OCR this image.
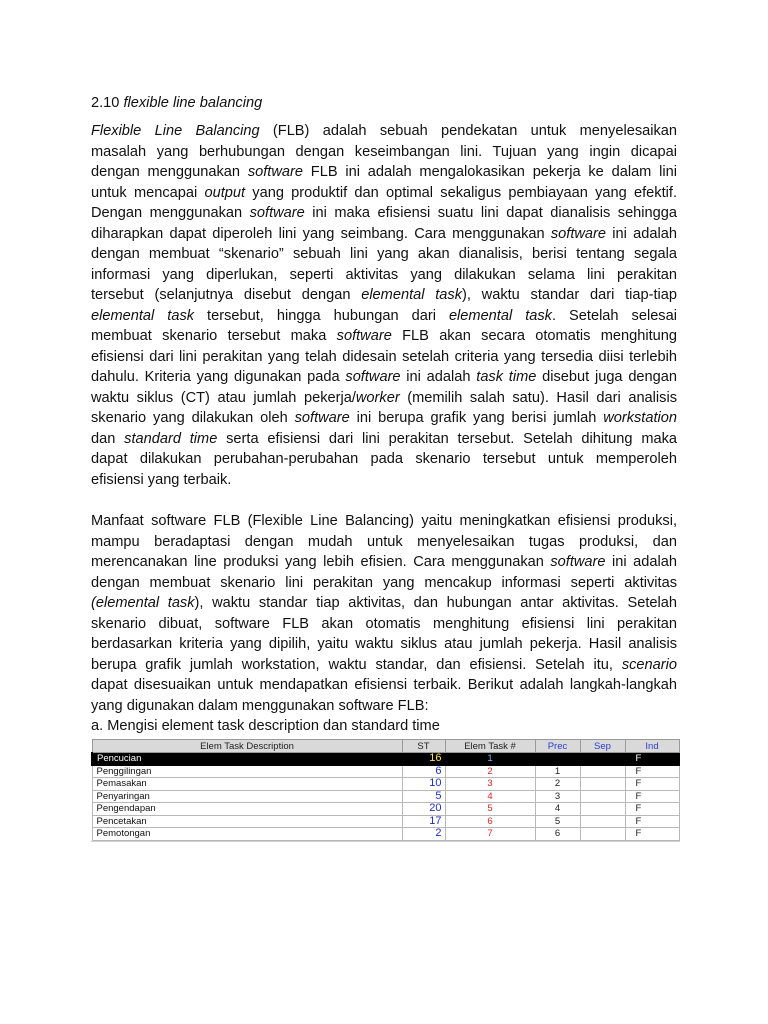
2.10 flexible line balancing
Flexible Line Balancing (FLB) adalah sebuah pendekatan untuk menyelesaikan
masalah yang berhubungan dengan keseimbangan lini. Tujuan yang ingin dicapai
dengan menggunakan software FLB ini adalah mengalokasikan pekerja ke dalam lini
untuk mencapai output yang produktif dan optimal sekaligus pembiayaan yang efektif.
Dengan menggunakan software ini maka efisiensi suatu lini dapat dianalisis sehingga
diharapkan dapat diperoleh lini yang seimbang. Cara menggunakan software ini adalah
dengan membuat “skenario” sebuah lini yang akan dianalisis, berisi tentang segala
informasi yang diperlukan, seperti aktivitas yang dilakukan selama lini perakitan
tersebut (selanjutnya disebut dengan elemental task), waktu standar dari tiap-tiap
elemental task tersebut, hingga hubungan dari elemental task. Setelah selesai
membuat skenario tersebut maka software FLB akan secara otomatis menghitung
efisiensi dari lini perakitan yang telah didesain setelah criteria yang tersedia diisi terlebih
dahulu. Kriteria yang digunakan pada software ini adalah task time disebut juga dengan
waktu siklus (CT) atau jumlah pekerja/worker (memilih salah satu). Hasil dari analisis
skenario yang dilakukan oleh software ini berupa grafik yang berisi jumlah workstation
dan standard time serta efisiensi dari lini perakitan tersebut. Setelah dihitung maka
dapat dilakukan perubahan-perubahan pada skenario tersebut untuk memperoleh
efisiensi yang terbaik.
Manfaat software FLB (Flexible Line Balancing) yaitu meningkatkan efisiensi produksi,
mampu beradaptasi dengan mudah untuk menyelesaikan tugas produksi, dan
merencanakan line produksi yang lebih efisien. Cara menggunakan software ini adalah
dengan membuat skenario lini perakitan yang mencakup informasi seperti aktivitas
(elemental task), waktu standar tiap aktivitas, dan hubungan antar aktivitas. Setelah
skenario dibuat, software FLB akan otomatis menghitung efisiensi lini perakitan
berdasarkan kriteria yang dipilih, yaitu waktu siklus atau jumlah pekerja. Hasil analisis
berupa grafik jumlah workstation, waktu standar, dan efisiensi. Setelah itu, scenario
dapat disesuaikan untuk mendapatkan efisiensi terbaik. Berikut adalah langkah-langkah
yang digunakan dalam menggunakan software FLB:
a. Mengisi element task description dan standard time
Elem Task Description	ST	Elem Task #	Prec	Sep	Ind
Pencucian	16	1			F
Penggilingan	6	2	1		F
Pemasakan	10	3	2		F
Penyaringan	5	4	3		F
Pengendapan	20	5	4		F
Pencetakan	17	6	5		F
Pemotongan	2	7	6		F
